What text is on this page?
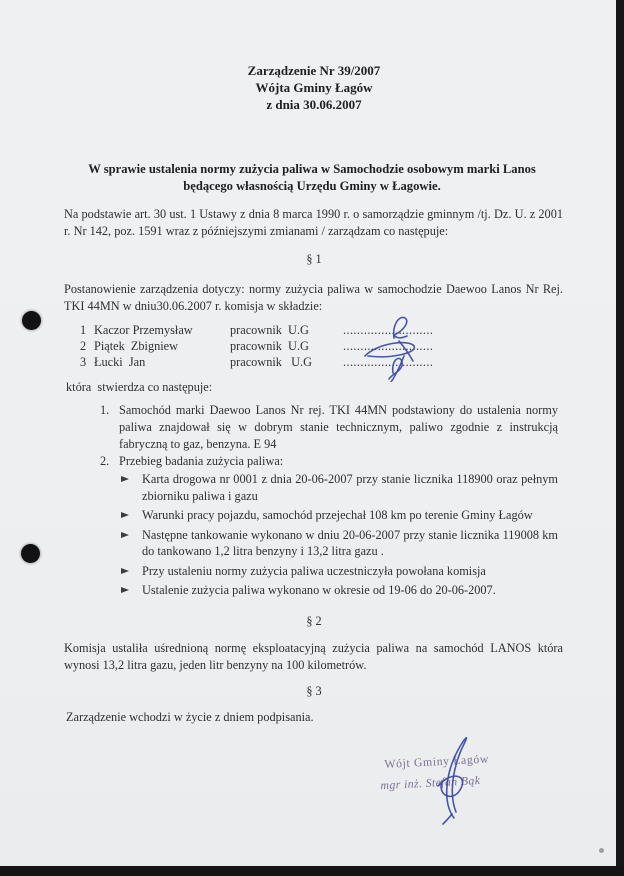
Zarządzenie Nr 39/2007
Wójta Gminy Łagów
z dnia 30.06.2007
W sprawie ustalenia normy zużycia paliwa w Samochodzie osobowym marki Lanos będącego własnością Urzędu Gminy w Łagowie.

Na podstawie art. 30 ust. 1 Ustawy z dnia 8 marca 1990 r. o samorządzie gminnym /tj. Dz. U. z 2001 r. Nr 142, poz. 1591 wraz z późniejszymi zmianami / zarządzam co następuje:

§ 1

Postanowienie zarządzenia dotyczy: normy zużycia paliwa w samochodzie Daewoo Lanos Nr Rej. TKI 44MN w dniu30.06.2007 r. komisja w składzie:

1 Kaczor Przemysław	pracownik  U.G	..........................
2 Piątek  Zbigniew	pracownik  U.G	..........................
3 Łucki  Jan	pracownik   U.G	..........................

która  stwierdza co następuje:

1. Samochód marki Daewoo Lanos Nr rej. TKI 44MN podstawiony do ustalenia normy paliwa znajdował się w dobrym stanie technicznym, paliwo zgodnie z instrukcją fabryczną to gaz, benzyna. E 94
2. Przebieg badania zużycia paliwa:
Karta drogowa nr 0001 z dnia 20-06-2007 przy stanie licznika 118900 oraz pełnym zbiorniku paliwa i gazu
Warunki pracy pojazdu, samochód przejechał 108 km po terenie Gminy Łagów
Następne tankowanie wykonano w dniu 20-06-2007 przy stanie licznika 119008 km do tankowano 1,2 litra benzyny i 13,2 litra gazu .
Przy ustaleniu normy zużycia paliwa uczestniczyła powołana komisja
Ustalenie zużycia paliwa wykonano w okresie od 19-06 do 20-06-2007.
§ 2

Komisja ustaliła uśrednioną normę eksploatacyjną zużycia paliwa na samochód LANOS która wynosi 13,2 litra gazu, jeden litr benzyny na 100 kilometrów.

§ 3

Zarządzenie wchodzi w życie z dniem podpisania.

Wójt Gminy Łagów
mgr inż. Stefan Bąk
